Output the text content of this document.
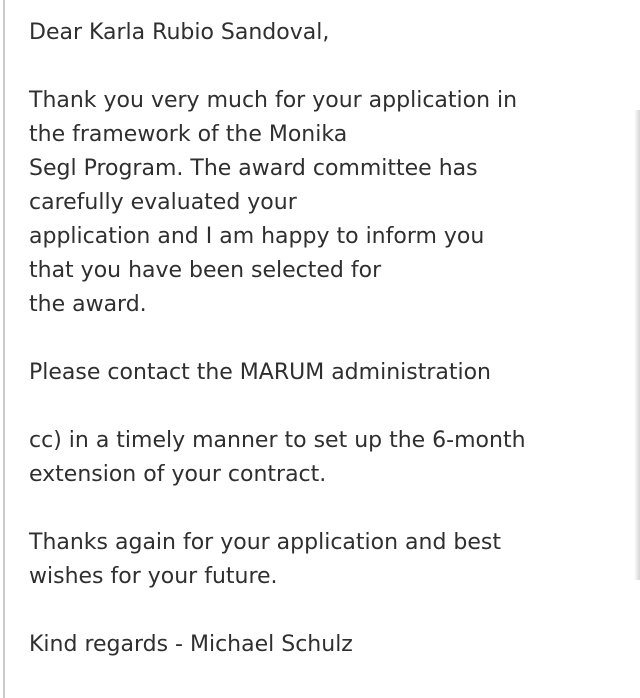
Dear Karla Rubio Sandoval,
Thank you very much for your application in
the framework of the Monika
Segl Program. The award committee has
carefully evaluated your
application and I am happy to inform you
that you have been selected for
the award.
Please contact the MARUM administration
cc) in a timely manner to set up the 6-month
extension of your contract.
Thanks again for your application and best
wishes for your future.
Kind regards - Michael Schulz
